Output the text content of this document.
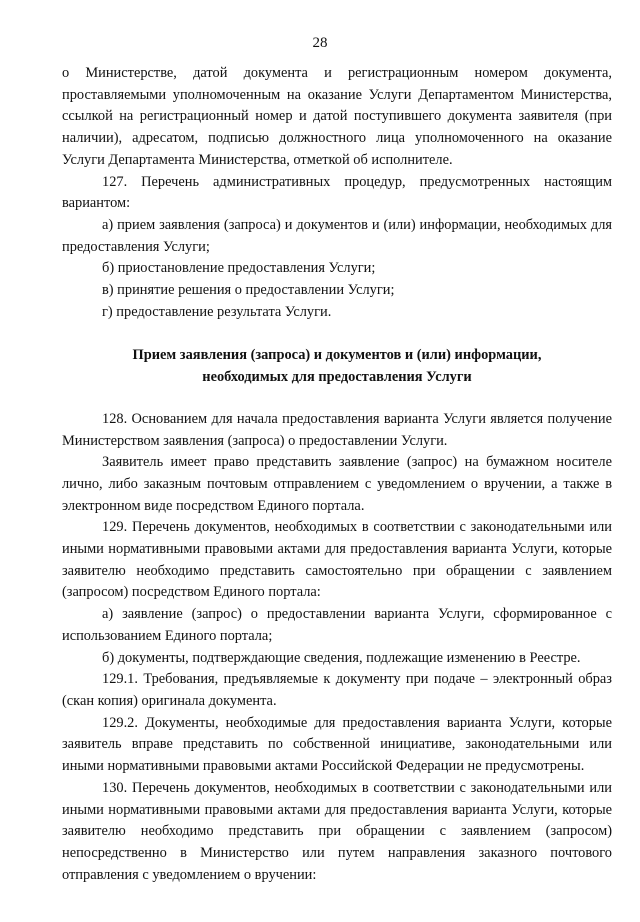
28

о Министерстве, датой документа и регистрационным номером документа, проставляемыми уполномоченным на оказание Услуги Департаментом Министерства, ссылкой на регистрационный номер и датой поступившего документа заявителя (при наличии), адресатом, подписью должностного лица уполномоченного на оказание Услуги Департамента Министерства, отметкой об исполнителе.

127. Перечень административных процедур, предусмотренных настоящим вариантом:

а) прием заявления (запроса) и документов и (или) информации, необходимых для предоставления Услуги;

б) приостановление предоставления Услуги;

в) принятие решения о предоставлении Услуги;

г) предоставление результата Услуги.

Прием заявления (запроса) и документов и (или) информации,
необходимых для предоставления Услуги

128. Основанием для начала предоставления варианта Услуги является получение Министерством заявления (запроса) о предоставлении Услуги.

Заявитель имеет право представить заявление (запрос) на бумажном носителе лично, либо заказным почтовым отправлением с уведомлением о вручении, а также в электронном виде посредством Единого портала.

129. Перечень документов, необходимых в соответствии с законодательными или иными нормативными правовыми актами для предоставления варианта Услуги, которые заявителю необходимо представить самостоятельно при обращении с заявлением (запросом) посредством Единого портала:

а) заявление (запрос) о предоставлении варианта Услуги, сформированное с использованием Единого портала;

б) документы, подтверждающие сведения, подлежащие изменению в Реестре.

129.1. Требования, предъявляемые к документу при подаче – электронный образ (скан копия) оригинала документа.

129.2. Документы, необходимые для предоставления варианта Услуги, которые заявитель вправе представить по собственной инициативе, законодательными или иными нормативными правовыми актами Российской Федерации не предусмотрены.

130. Перечень документов, необходимых в соответствии с законодательными или иными нормативными правовыми актами для предоставления варианта Услуги, которые заявителю необходимо представить при обращении с заявлением (запросом) непосредственно в Министерство или путем направления заказного почтового отправления с уведомлением о вручении:
